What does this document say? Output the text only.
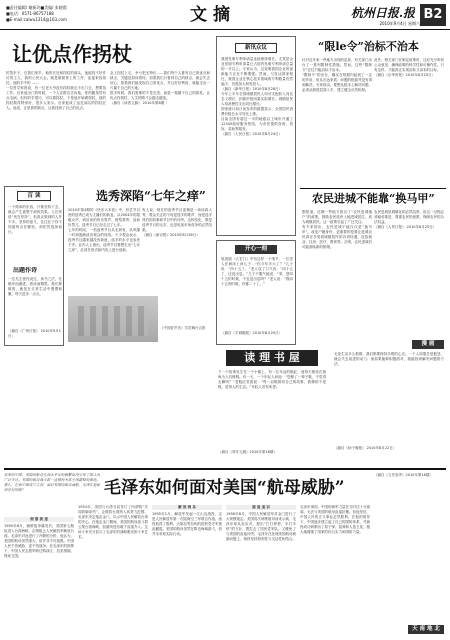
■责任编辑/ 谢新玲■美编/ 张晓霞
■电话：0571-86757188
■E-mail:caiwu1314@163.com	文 摘	杭州日报.报
2010年9月4日 星期六
B2
让优点作拐杖

杭智东子，在我们家乡，他的长处和拐杖的那头，他能找不好作坊的主人，我的公民大会。就是做面背上的工作，连接来找拐杖，他的手中的 ……

一位哲学家曾说，有一位老大爷没有拐杖就走不出门去，想要找工作。后来他出门的时候，一个人在路边告诉他，你的腿虽然有点毛病，但你的手很巧，可以做拐杖。于是他开始做拐杖，他的拐杖做得特别好，很多人来买。后来他成了远近闻名的拐杖匠人。他说，正是我的缺点，让我找到了自己的优点。

金上拐杖上走，幸亏把无特长……我们每个人都有自己的优点和缺点，关键是如何看待。如果我们只看到自己的缺点，就会失去信心；如果我们能发现自己的优点，并且好好利用，就能走出一片属于自己的天地。

很多时候，我们需要的不是完美，而是一根属于自己的拐杖。让优点作拐杖，人生的路才会越走越宽。

（摘自《读者文摘》 2010年第8期 ）

新讯众议

我国发明专利申请量连续保持增长，尤其是企业发明专利申请量已占国内发明专利申请总量的一半以上。专家认为，这说明我国企业的创新能力正在不断增强。然而，与发达国家相比，我国企业在核心技术领域的专利数量仍然偏少，仍需加大研发投入。

（摘自《新华日报》2010年8月28日）

今年上半年全国城镇居民人均可支配收入同比名义增长，扣除价格因素实际增长。城镇居民人均消费性支出同比增长。

国家统计局日前发布的数据显示，全国居民消费价格总水平同比上涨。

目前全国有超过一半的地级以上城市开通了12345政府服务热线，为市民提供咨询、投诉、求助等服务。

（摘自《人民日报》2010年8月24日）

“限le令”治标不治本

针对近年来一些地方出现的乱象，有关部门出台了一系列限制性措施。然而，这些“限制令”往往只能治标不治本。

“限制令”的出台，确实在短期内起到了一定的作用，但从长远来看，问题的根源并没有得到解决。专家指出，要想从根本上解决问题，必须从制度层面入手，建立健全长效机制。

此外，相关部门在制定政策时，还应充分听取公众意见，确保政策的科学性和可操作性。只有这样，才能真正实现治标又治本的目标。

（摘自《京华时报》2010年8月25日）

百 读
一个简单的东西，只要坚持下去，就会产生意想不到的效果。人们常说“贵在坚持”，但真正做到的人并不多。坚持的意义，往往在于你不知道终点在哪里，却依然选择前行。
出题作诗
一位先生曾经说过，读书之法，在循序而渐进，熟读而精思。我们要做的，就是在日常生活中慢慢积累，每天进步一点点。
（摘自《广州日报》 2010年9月1日）
选秀深陷“七年之痒”

2010年第4期的《快乐大本营》中，综艺节目里的选秀已成为主播们的新宠。从2004年的超级女声，到后来的快乐男声、我型我秀、加油好男儿，选秀节目已经走过了七年。

七年的时间，一档选秀节目从无到有，从风靡一时到逐渐淡出观众的视线。不少观众表示，选秀节目越来越没有新意，选手的水平也参差不齐。业内人士指出，选秀节目要想走出“七年之痒”，必须在形式和内容上进行创新。

有人说，现在的选秀节目更像是一场场真人秀，观众关注的不再是选手的歌声，而是选手背后的故事和节目中的冲突。这种变化，既是选秀节目的无奈，也是电视市场竞争的必然结果。

（摘自《新京报》2010年8月26日）

《中国好声音》学员舞台合影
农民进城不能靠“换马甲”

据报道，近期一些地方推出了“农民进城落户”的政策，鼓励农民放弃土地进城居住，成为城镇居民。这一政策引起了广泛关注。

有专家指出，农民进城不能仅仅是“换马甲”，改变户籍身份，更重要的是要让进城农民真正享受到城镇居民的各项待遇，包括就业、住房、医疗、教育等。否则，农民进城后可能面临新的困境。

农民进城是城镇化的必然趋势，但这一过程必须稳妥推进，尊重农民的意愿，保障农民的合法权益。

（摘自《人民日报》 2010年8月25日）

开心一刻
电视剧《大宅门》中有这样一个细节，一位老人在病床上问儿子：“你今年多大了？”儿子说：“四十五了。”老人叹了口气说：“四十五了，还没出息。”儿子不服气地说：“爹，您四十五的时候，不也没出息吗？”老人说：“我四十五的时候，你都二十了。”
（摘自《羊城晚报》2010年8月20日）
读 理 书 屋
下一个故事发生在一个小镇上，有一位年迈的鞋匠，他每天都坐在街角为人们修鞋。有一天，一个年轻人问他：“您修了一辈子鞋，不觉得无聊吗？”老鞋匠笑着说：“每一双鞋都有自己的故事，我修的不是鞋，是别人的生活。”年轻人若有所思。
（摘自《青年文摘》2010年第16期）
漫 画
无论生活多么艰难，我们都要保持乐观的心态。一个人如果总是抱怨，就会失去前进的动力；而如果能够积极面对，就能找到解决问题的方法。
（摘自《扬子晚报》 2010年8月22日）
近来的中国，美国的航母在西太平洋的频繁出没引发了国人的广泛关注。美国的航母战斗群一直被视为其全球霸权的象征。那么，在新中国成立之初，面对美国的航母威胁，毛泽东是如何应对的呢？	毛泽东如何面对美国“航母威胁”

洞 察 淡 迷

1950年6月，朝鲜战争爆发后，美国第七舰队进入台湾海峡，企图阻止人民解放军解放台湾。毛泽东对此进行了冷静的分析，他认为，美国的航母虽然强大，但并非不可战胜。中国人民不怕威胁，更不怕战争。在毛泽东的指挥下，中国人民志愿军跨过鸭绿江，抗美援朝，保家卫国。

1954年，美国与台湾当局签订了所谓的“共同防御条约”，企图将台湾纳入其势力范围。毛泽东决定炮击金门，以示中国人民解放台湾的决心。在炮击金门期间，美国的航母战斗群云集台湾海峡，但最终没有敢于直接介入。这场斗争充分显示了毛泽东的战略眼光和斗争艺术。

解 放 两 岛

1955年1月，解放军发起一江山岛战役，这是人民解放军第一次陆海空三军联合作战。战役取得了胜利，大陈岛等岛屿的国民党守军被迫撤退。美国的航母虽然在附近海域游弋，但并未采取实际行动。

遏 退 退 识

1958年8月，中国人民解放军对金门进行了大规模炮击。美国再次调集航母前来示威，毛泽东却从容应对，提出“打打停停，半打半停”的方针，既打击了国民党军队，又避免了与美国的直接冲突。毛泽东在处理美国航母威胁问题上，始终坚持原则性与灵活性相结合。

毛泽东深知，中国的海军力量在当时还十分薄弱，无法与美国的航母直接抗衡。但他坚信，中国人民的正义事业必然胜利。在他的领导下，中国逐步建立起了自己的国防体系，并最终成功研制出了原子弹、氢弹和人造卫星，极大地增强了国家的综合实力和国防力量。

（摘自《文史参考》2010年第16期）

天 南 地 北
